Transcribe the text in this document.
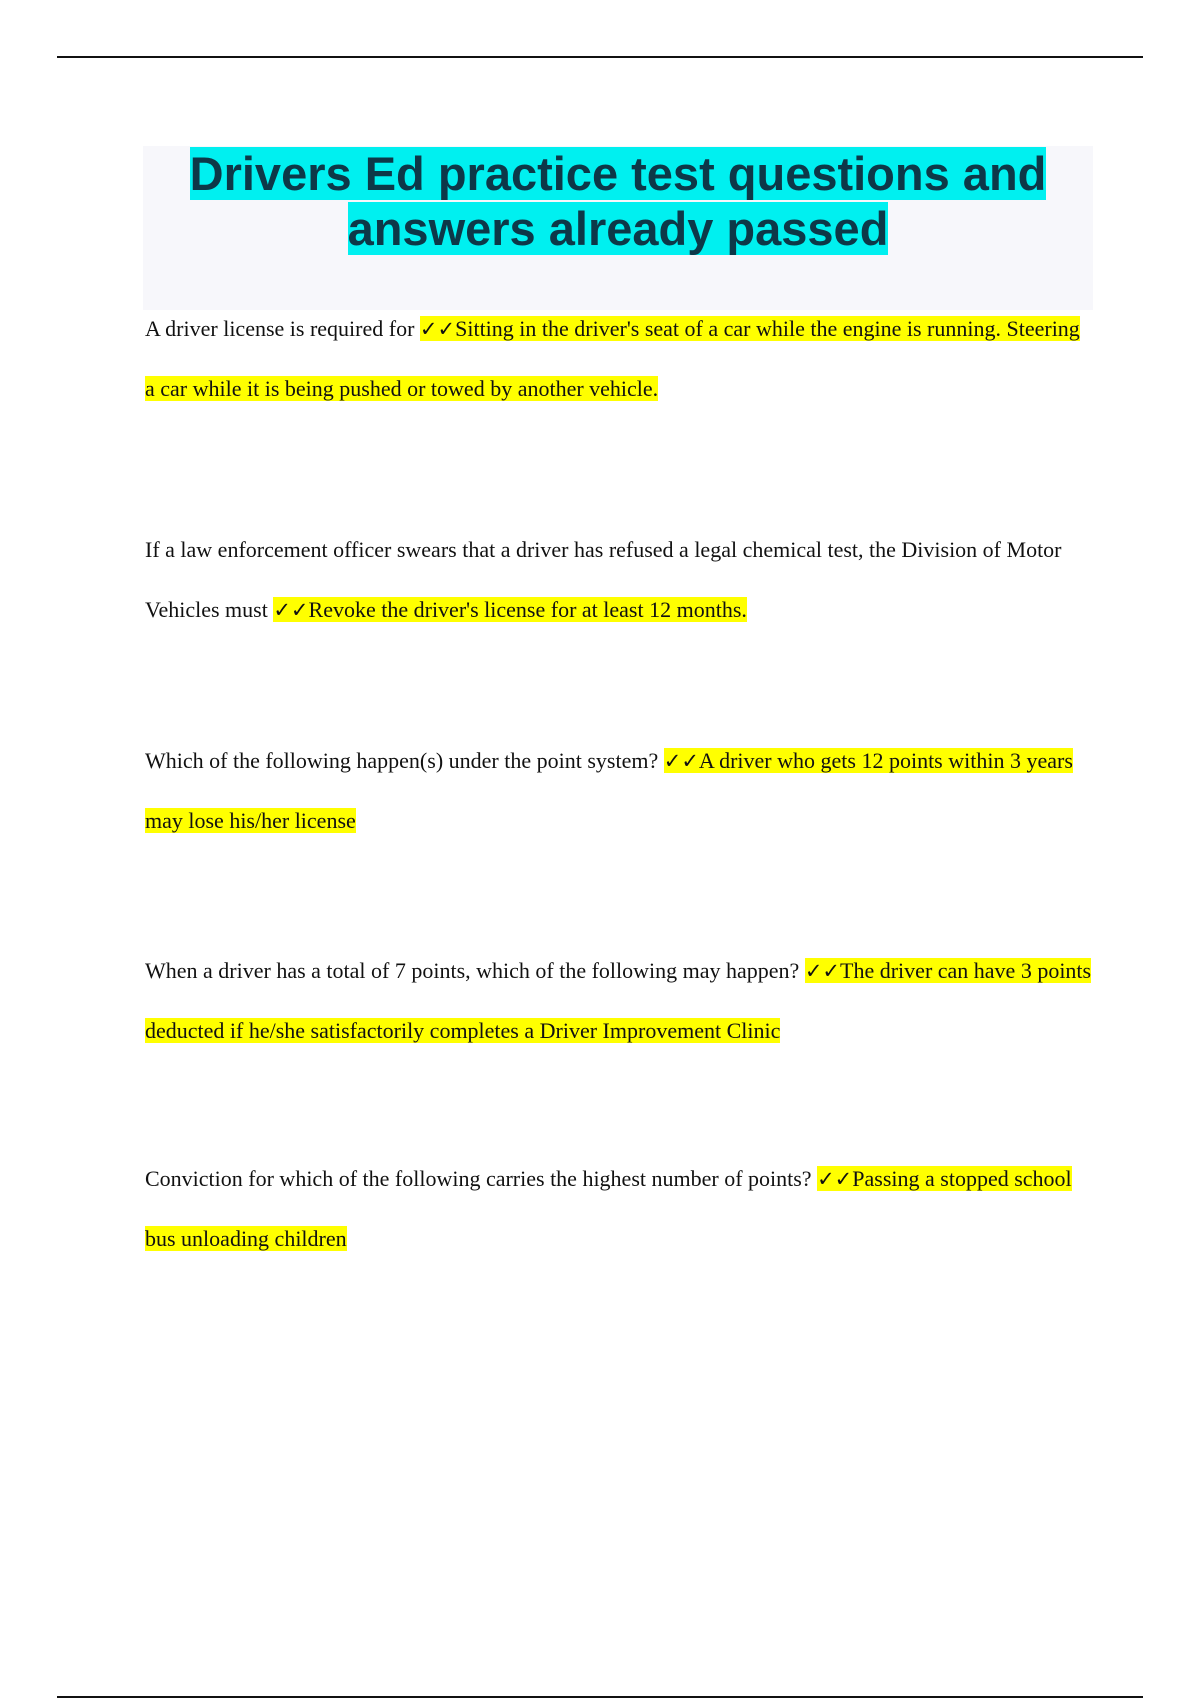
Drivers Ed practice test questions and answers already passed

A driver license is required for ✓✓Sitting in the driver's seat of a car while the engine is running. Steering a car while it is being pushed or towed by another vehicle.

If a law enforcement officer swears that a driver has refused a legal chemical test, the Division of Motor Vehicles must ✓✓Revoke the driver's license for at least 12 months.

Which of the following happen(s) under the point system? ✓✓A driver who gets 12 points within 3 years may lose his/her license

When a driver has a total of 7 points, which of the following may happen? ✓✓The driver can have 3 points deducted if he/she satisfactorily completes a Driver Improvement Clinic

Conviction for which of the following carries the highest number of points? ✓✓Passing a stopped school bus unloading children
